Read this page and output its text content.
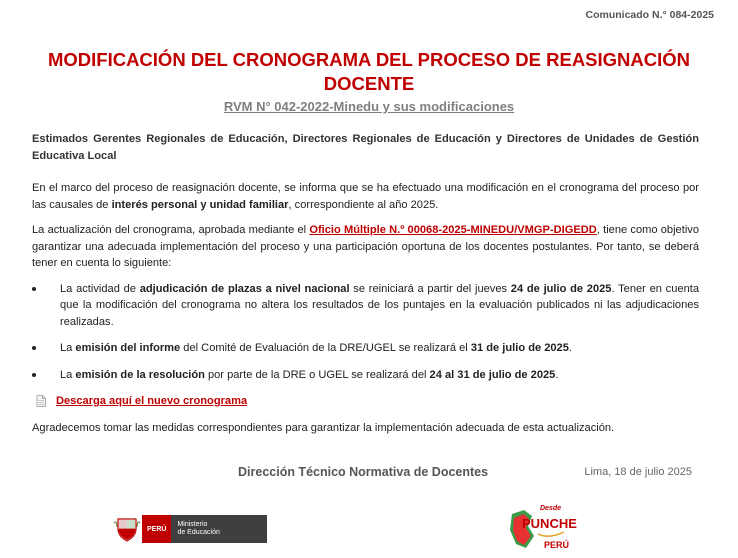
Comunicado N.° 084-2025
MODIFICACIÓN DEL CRONOGRAMA DEL PROCESO DE REASIGNACIÓN DOCENTE
RVM N° 042-2022-Minedu y sus modificaciones

Estimados Gerentes Regionales de Educación, Directores Regionales de Educación y Directores de Unidades de Gestión Educativa Local

En el marco del proceso de reasignación docente, se informa que se ha efectuado una modificación en el cronograma del proceso por las causales de interés personal y unidad familiar, correspondiente al año 2025.

La actualización del cronograma, aprobada mediante el Oficio Múltiple N.º 00068-2025-MINEDU/VMGP-DIGEDD, tiene como objetivo garantizar una adecuada implementación del proceso y una participación oportuna de los docentes postulantes. Por tanto, se deberá tener en cuenta lo siguiente:

La actividad de adjudicación de plazas a nivel nacional se reiniciará a partir del jueves 24 de julio de 2025. Tener en cuenta que la modificación del cronograma no altera los resultados de los puntajes en la evaluación publicados ni las adjudicaciones realizadas.
La emisión del informe del Comité de Evaluación de la DRE/UGEL se realizará el 31 de julio de 2025.
La emisión de la resolución por parte de la DRE o UGEL se realizará del 24 al 31 de julio de 2025.
Descarga aquí el nuevo cronograma

Agradecemos tomar las medidas correspondientes para garantizar la implementación adecuada de esta actualización.

Dirección Técnico Normativa de Docentes	Lima, 18 de julio 2025
PERÚ
Ministerio
de Educación
Desde
PUNCHE
PERÚ
